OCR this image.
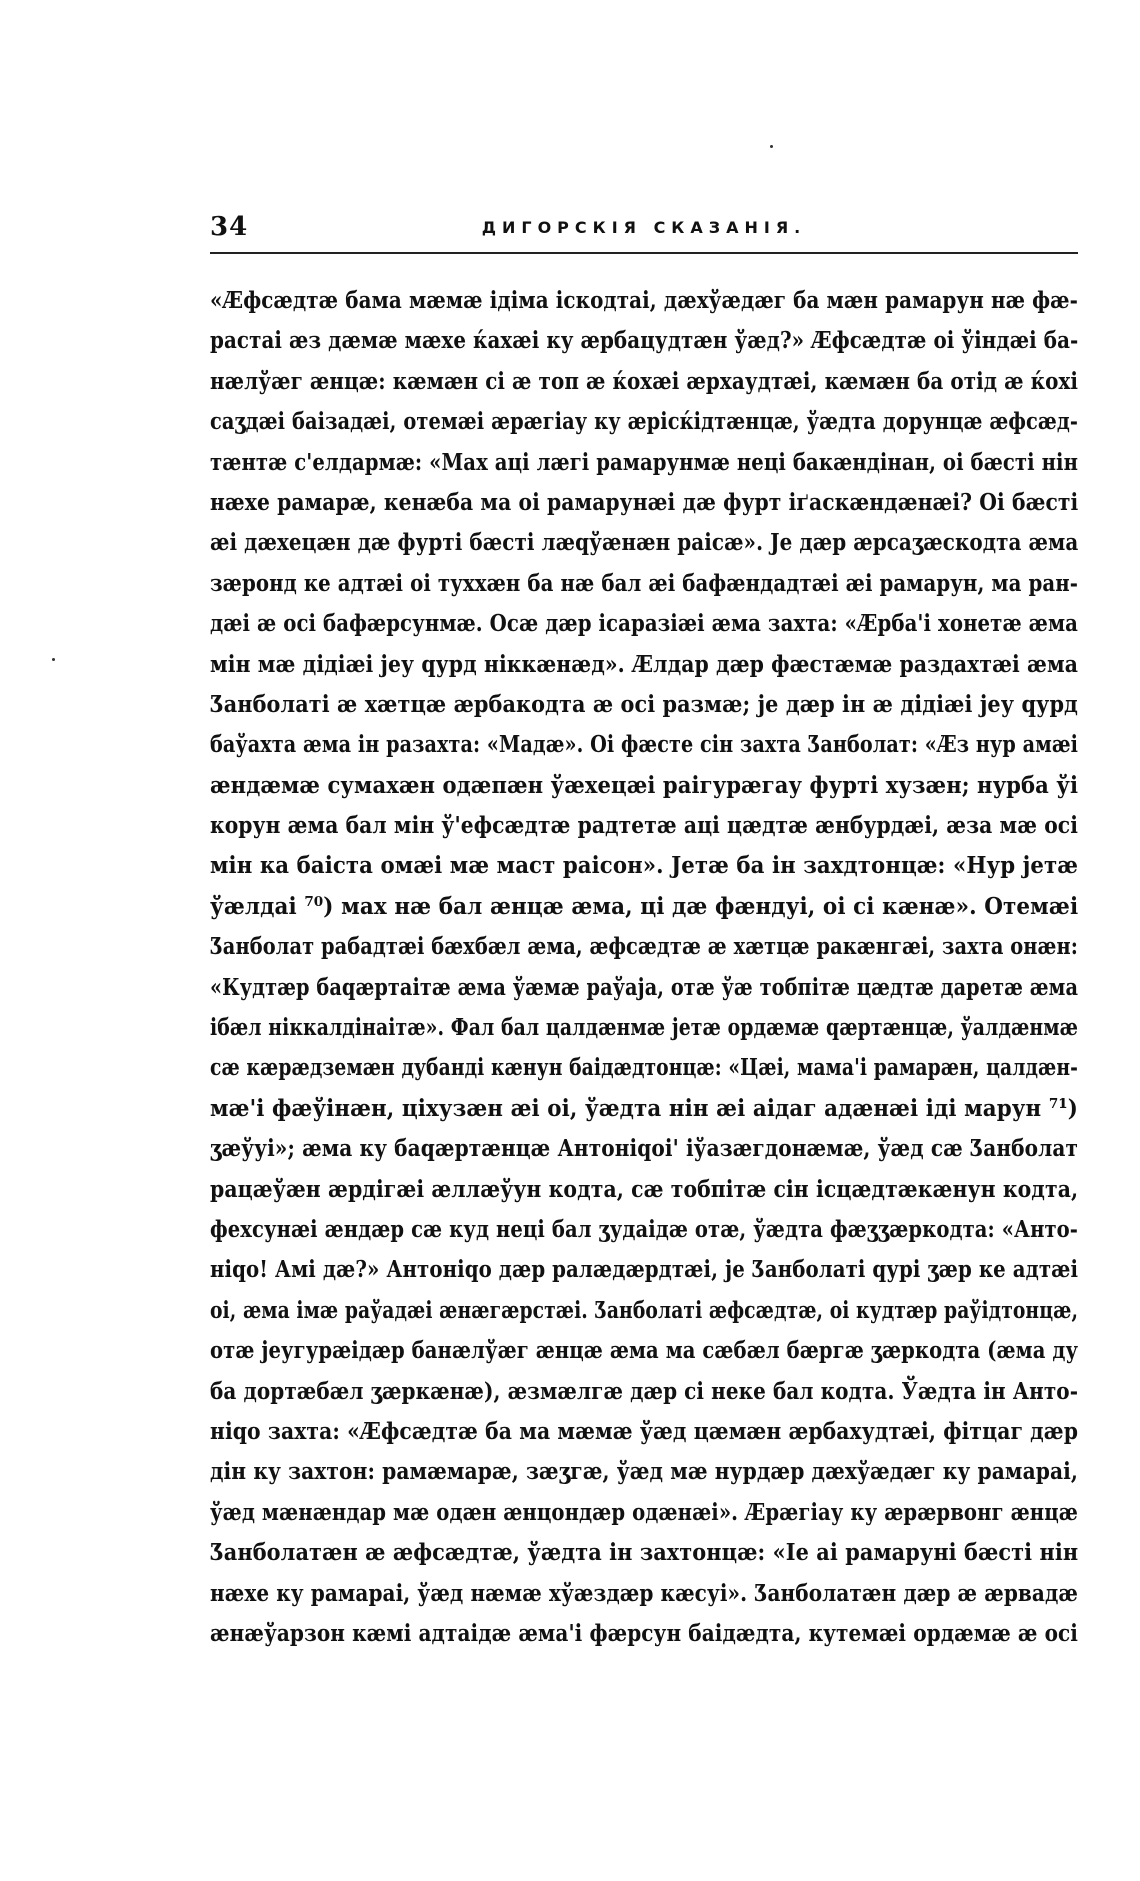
34	ДИГОРСКІЯ СКАЗАНІЯ.
«Ӕфсӕдтӕ бама мӕмӕ ідіма іскодтаі, дӕхўӕдӕг ба мӕн рамарун нӕ фӕ-
растаі ӕз дӕмӕ мӕхе ќахӕі ку ӕрбацудтӕн ўӕд?» Ӕфсӕдтӕ оі ўіндӕі ба-
нӕлўӕг ӕнцӕ: кӕмӕн сі ӕ топ ӕ ќохӕі ӕрхаудтӕі, кӕмӕн ба отід ӕ ќохі
саӡдӕі баізадӕі, отемӕі ӕрӕгіау ку ӕрісќідтӕнцӕ, ўӕдта дорунцӕ ӕфсӕд-
тӕнтӕ с'елдармӕ: «Мах аці лӕгі рамарунмӕ неці бакӕндінан, оі бӕсті нін
нӕхе рамарӕ, кенӕба ма оі рамарунӕі дӕ фурт іґаскӕндӕнӕі? Оі бӕсті
ӕі дӕхецӕн дӕ фурті бӕсті лӕqўӕнӕн раісӕ». Јe дӕр ӕрсаӡӕскодта ӕма
зӕронд ке адтӕі оі туххӕн ба нӕ бал ӕі бафӕндадтӕі ӕі рамарун, ма ран-
дӕі ӕ осі бафӕрсунмӕ. Осӕ дӕр ісаразіӕі ӕма захта: «Ӕрба'і хонетӕ ӕма
мін мӕ дідіӕі јеу qурд ніккӕнӕд». Ӕлдар дӕр фӕстӕмӕ раздахтӕі ӕма
Ӡанболаті ӕ хӕтцӕ ӕрбакодта ӕ осі размӕ; јe дӕр ін ӕ дідіӕі јеу qурд
баўахта ӕма ін разахта: «Мадӕ». Оі фӕсте сін захта Ӡанболат: «Ӕз нур амӕі
ӕндӕмӕ сумахӕн одӕпӕн ўӕхецӕі раігурӕгау фурті хузӕн; нурба ўі
корун ӕма бал мін ў'ефсӕдтӕ радтетӕ аці цӕдтӕ ӕнбурдӕі, ӕза мӕ осі
мін ка баіста омӕі мӕ маст раісон». Јетӕ ба ін захдтонцӕ: «Нур јетӕ
ўӕлдаі ⁷⁰) мах нӕ бал ӕнцӕ ӕма, ці дӕ фӕндуі, оі сі кӕнӕ». Отемӕі
Ӡанболат рабадтӕі бӕхбӕл ӕма, ӕфсӕдтӕ ӕ хӕтцӕ ракӕнгӕі, захта онӕн:
«Кудтӕр баqӕртаітӕ ӕма ўӕмӕ раўаја, отӕ ўӕ тобпітӕ цӕдтӕ даретӕ ӕма
ібӕл ніккалдінаітӕ». Фал бал цалдӕнмӕ јетӕ ордӕмӕ qӕртӕнцӕ, ўалдӕнмӕ
сӕ кӕрӕдземӕн дубанді кӕнун баідӕдтонцӕ: «Цӕі, мама'і рамарӕн, цалдӕн-
мӕ'і фӕўінӕн, ціхузӕн ӕі оі, ўӕдта нін ӕі аідаг адӕнӕі іді марун ⁷¹)
ӡӕўуі»; ӕма ку баqӕртӕнцӕ Антоніqоі' іўазӕгдонӕмӕ, ўӕд сӕ Ӡанболат
рацӕўӕн ӕрдігӕі ӕллӕўун кодта, сӕ тобпітӕ сін ісцӕдтӕкӕнун кодта,
фехсунӕі ӕндӕр сӕ куд неці бал ӡудаідӕ отӕ, ўӕдта фӕӡӡӕркодта: «Анто-
ніqо! Амі дӕ?» Антоніqо дӕр ралӕдӕрдтӕі, јe Ӡанболаті qурі ӡӕр ке адтӕі
оі, ӕма імӕ раўадӕі ӕнӕгӕрстӕі. Ӡанболаті ӕфсӕдтӕ, оі кудтӕр раўідтонцӕ,
отӕ јеугурӕідӕр банӕлўӕг ӕнцӕ ӕма ма сӕбӕл бӕргӕ ӡӕркодта (ӕма ду
ба дортӕбӕл ӡӕркӕнӕ), ӕзмӕлгӕ дӕр сі неке бал кодта. Ўӕдта ін Анто-
ніqо захта: «Ӕфсӕдтӕ ба ма мӕмӕ ўӕд цӕмӕн ӕрбахудтӕі, фітцаг дӕр
дін ку захтон: рамӕмарӕ, зӕӡгӕ, ўӕд мӕ нурдӕр дӕхўӕдӕг ку рамараі,
ўӕд мӕнӕндар мӕ одӕн ӕнцондӕр одӕнӕі». Ӕрӕгіау ку ӕрӕрвонг ӕнцӕ
Ӡанболатӕн ӕ ӕфсӕдтӕ, ўӕдта ін захтонцӕ: «Ӏе аі рамаруні бӕсті нін
нӕхе ку рамараі, ўӕд нӕмӕ хўӕздӕр кӕсуі». Ӡанболатӕн дӕр ӕ ӕрвадӕ
ӕнӕўарзон кӕмі адтаідӕ ӕма'і фӕрсун баідӕдта, кутемӕі ордӕмӕ ӕ осі
